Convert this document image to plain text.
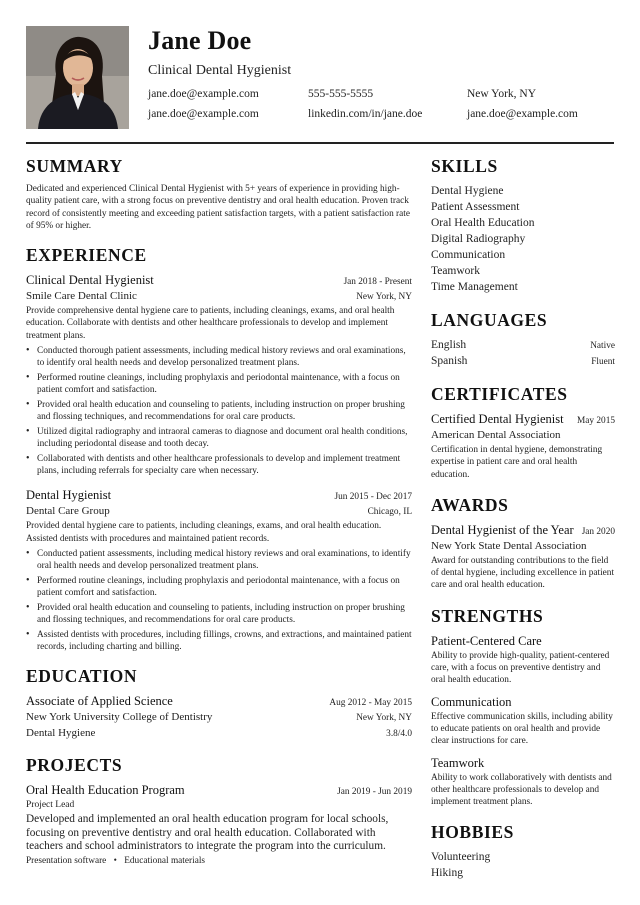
Jane Doe
Clinical Dental Hygienist
jane.doe@example.com	555-555-5555	New York, NY
jane.doe@example.com	linkedin.com/in/jane.doe	jane.doe@example.com
SUMMARY

Dedicated and experienced Clinical Dental Hygienist with 5+ years of experience in providing high-quality patient care, with a strong focus on preventive dentistry and oral health education. Proven track record of consistently meeting and exceeding patient satisfaction targets, with a patient satisfaction rate of 95% or higher.

EXPERIENCE
Clinical Dental Hygienist	Jan 2018 - Present
Smile Care Dental Clinic	New York, NY

Provide comprehensive dental hygiene care to patients, including cleanings, exams, and oral health education. Collaborate with dentists and other healthcare professionals to develop and implement treatment plans.

• Conducted thorough patient assessments, including medical history reviews and oral examinations, to identify oral health needs and develop personalized treatment plans.
• Performed routine cleanings, including prophylaxis and periodontal maintenance, with a focus on patient comfort and satisfaction.
• Provided oral health education and counseling to patients, including instruction on proper brushing and flossing techniques, and recommendations for oral care products.
• Utilized digital radiography and intraoral cameras to diagnose and document oral health conditions, including periodontal disease and tooth decay.
• Collaborated with dentists and other healthcare professionals to develop and implement treatment plans, including referrals for specialty care when necessary.
Dental Hygienist	Jun 2015 - Dec 2017
Dental Care Group	Chicago, IL

Provided dental hygiene care to patients, including cleanings, exams, and oral health education. Assisted dentists with procedures and maintained patient records.

• Conducted patient assessments, including medical history reviews and oral examinations, to identify oral health needs and develop personalized treatment plans.
• Performed routine cleanings, including prophylaxis and periodontal maintenance, with a focus on patient comfort and satisfaction.
• Provided oral health education and counseling to patients, including instruction on proper brushing and flossing techniques, and recommendations for oral care products.
• Assisted dentists with procedures, including fillings, crowns, and extractions, and maintained patient records, including charting and billing.
EDUCATION
Associate of Applied Science	Aug 2012 - May 2015
New York University College of Dentistry	New York, NY
Dental Hygiene	3.8/4.0
PROJECTS
Oral Health Education Program	Jan 2019 - Jun 2019
Project Lead

Developed and implemented an oral health education program for local schools, focusing on preventive dentistry and oral health education. Collaborated with teachers and school administrators to integrate the program into the curriculum.

Presentation software • Educational materials
SKILLS
Dental Hygiene
Patient Assessment
Oral Health Education
Digital Radiography
Communication
Teamwork
Time Management
LANGUAGES
English	Native
Spanish	Fluent
CERTIFICATES
Certified Dental Hygienist May 2015
American Dental Association

Certification in dental hygiene, demonstrating expertise in patient care and oral health education.

AWARDS
Dental Hygienist of the Year Jan 2020
New York State Dental Association

Award for outstanding contributions to the field of dental hygiene, including excellence in patient care and oral health education.

STRENGTHS
Patient-Centered Care

Ability to provide high-quality, patient-centered care, with a focus on preventive dentistry and oral health education.

Communication

Effective communication skills, including ability to educate patients on oral health and provide clear instructions for care.

Teamwork

Ability to work collaboratively with dentists and other healthcare professionals to develop and implement treatment plans.

HOBBIES
Volunteering
Hiking
